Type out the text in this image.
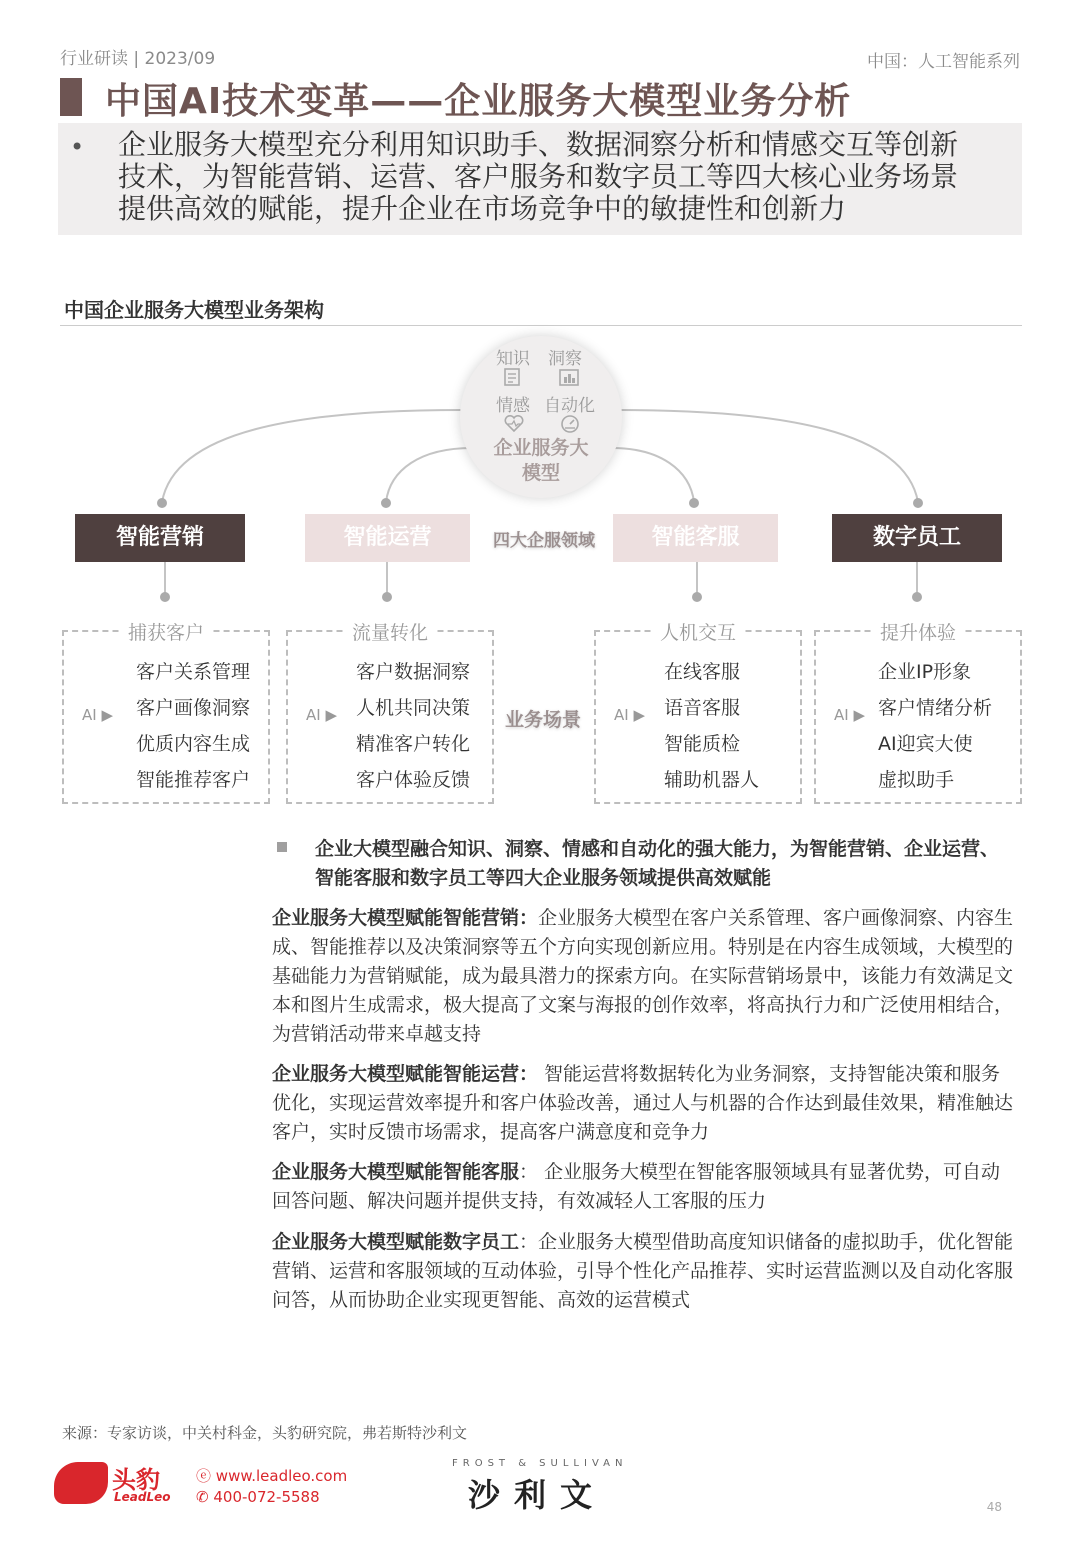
行业研读 | 2023/09	中国：人工智能系列
中国AI技术变革——企业服务大模型业务分析
• 企业服务大模型充分利用知识助手、数据洞察分析和情感交互等创新
技术，为智能营销、运营、客户服务和数字员工等四大核心业务场景
提供高效的赋能，提升企业在市场竞争中的敏捷性和创新力
中国企业服务大模型业务架构
知识 洞察
情感 自动化
企业服务大
模型
智能营销	智能运营	四大企服领域	智能客服	数字员工
捕获客户
AI ▶
客户关系管理
客户画像洞察
优质内容生成
智能推荐客户
流量转化
AI ▶
客户数据洞察
人机共同决策
精准客户转化
客户体验反馈
业务场景
人机交互
AI ▶
在线客服
语音客服
智能质检
辅助机器人
提升体验
AI ▶
企业IP形象
客户情绪分析
AI迎宾大使
虚拟助手
企业大模型融合知识、洞察、情感和自动化的强大能力，为智能营销、企业运营、智能客服和数字员工等四大企业服务领域提供高效赋能
企业服务大模型赋能智能营销：企业服务大模型在客户关系管理、客户画像洞察、内容生成、智能推荐以及决策洞察等五个方向实现创新应用。特别是在内容生成领域，大模型的基础能力为营销赋能，成为最具潜力的探索方向。在实际营销场景中，该能力有效满足文本和图片生成需求，极大提高了文案与海报的创作效率，将高执行力和广泛使用相结合，为营销活动带来卓越支持
企业服务大模型赋能智能运营： 智能运营将数据转化为业务洞察，支持智能决策和服务优化，实现运营效率提升和客户体验改善，通过人与机器的合作达到最佳效果，精准触达客户，实时反馈市场需求，提高客户满意度和竞争力
企业服务大模型赋能智能客服： 企业服务大模型在智能客服领域具有显著优势，可自动回答问题、解决问题并提供支持，有效减轻人工客服的压力
企业服务大模型赋能数字员工：企业服务大模型借助高度知识储备的虚拟助手，优化智能营销、运营和客服领域的互动体验，引导个性化产品推荐、实时运营监测以及自动化客服问答，从而协助企业实现更智能、高效的运营模式
来源：专家访谈，中关村科金，头豹研究院，弗若斯特沙利文
头豹
LeadLeo
ⓔ www.leadleo.com
✆ 400-072-5588
FROST & SULLIVAN
沙利文	48
